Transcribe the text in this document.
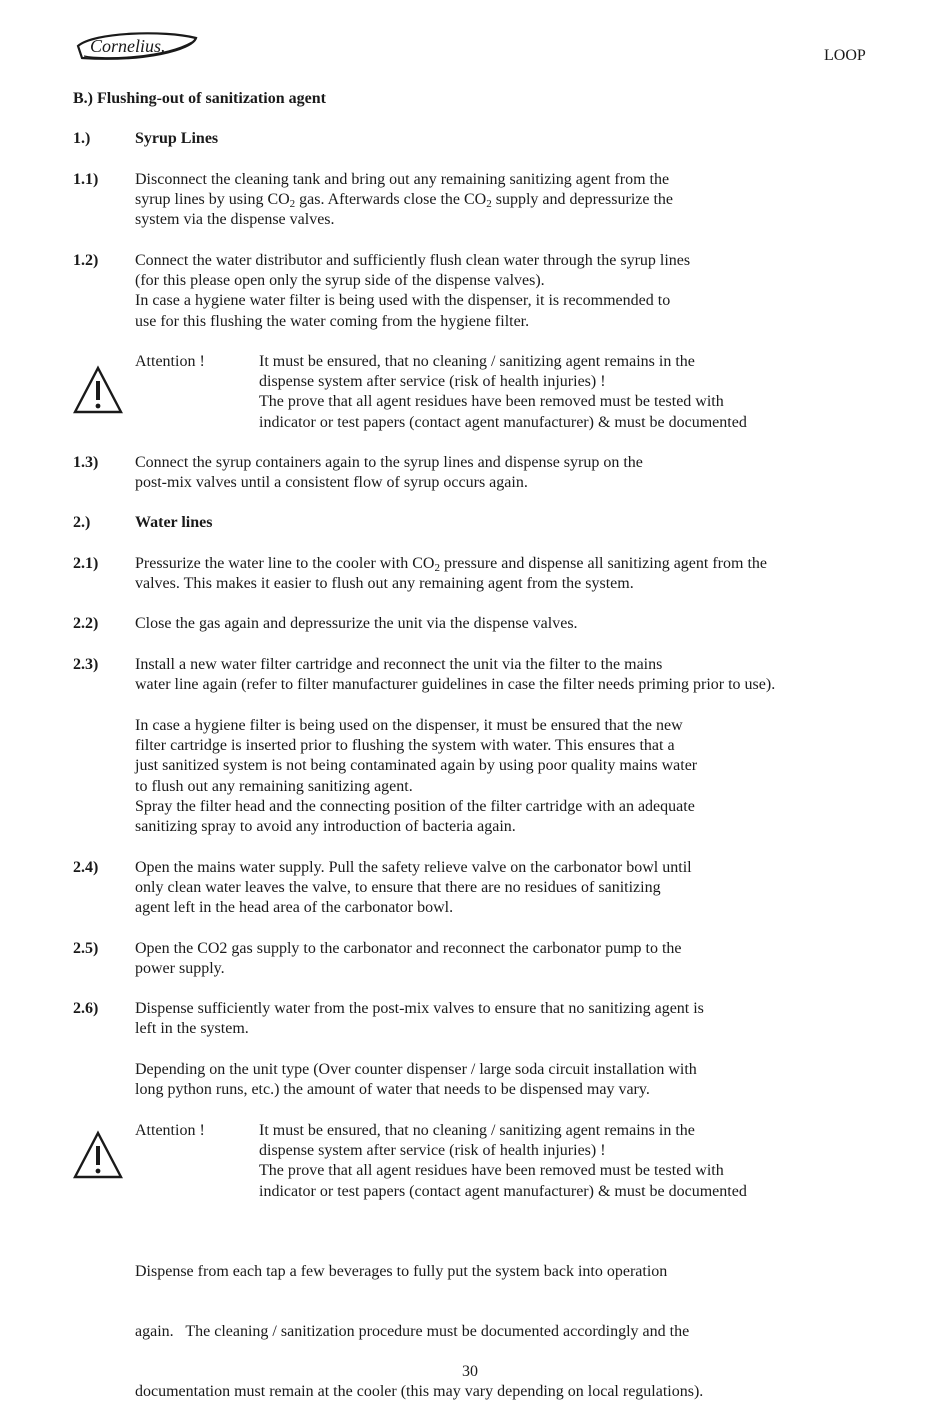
Cornelius.	LOOP
B.) Flushing-out of sanitization agent
1.)	Syrup Lines
1.1) Disconnect the cleaning tank and bring out any remaining sanitizing agent from the
syrup lines by using $CO_2$ gas. Afterwards close the $CO_2$ supply and depressurize the
system via the dispense valves.
1.2) Connect the water distributor and sufficiently flush clean water through the syrup lines
(for this please open only the syrup side of the dispense valves).
In case a hygiene water filter is being used with the dispenser, it is recommended to
use for this flushing the water coming from the hygiene filter.
Attention !	It must be ensured, that no cleaning / sanitizing agent remains in the
dispense system after service (risk of health injuries) !
The prove that all agent residues have been removed must be tested with
indicator or test papers (contact agent manufacturer) & must be documented
1.3) Connect the syrup containers again to the syrup lines and dispense syrup on the
post-mix valves until a consistent flow of syrup occurs again.
2.)	Water lines
2.1) Pressurize the water line to the cooler with $CO_2$ pressure and dispense all sanitizing agent from the
valves. This makes it easier to flush out any remaining agent from the system.
2.2) Close the gas again and depressurize the unit via the dispense valves.
2.3) Install a new water filter cartridge and reconnect the unit via the filter to the mains
water line again (refer to filter manufacturer guidelines in case the filter needs priming prior to use).
In case a hygiene filter is being used on the dispenser, it must be ensured that the new
filter cartridge is inserted prior to flushing the system with water. This ensures that a
just sanitized system is not being contaminated again by using poor quality mains water
to flush out any remaining sanitizing agent.
Spray the filter head and the connecting position of the filter cartridge with an adequate
sanitizing spray to avoid any introduction of bacteria again.
2.4) Open the mains water supply. Pull the safety relieve valve on the carbonator bowl until
only clean water leaves the valve, to ensure that there are no residues of sanitizing
agent left in the head area of the carbonator bowl.
2.5) Open the CO2 gas supply to the carbonator and reconnect the carbonator pump to the
power supply.
2.6) Dispense sufficiently water from the post-mix valves to ensure that no sanitizing agent is
left in the system.
Depending on the unit type (Over counter dispenser / large soda circuit installation with
long python runs, etc.) the amount of water that needs to be dispensed may vary.
Attention !	It must be ensured, that no cleaning / sanitizing agent remains in the
dispense system after service (risk of health injuries) !
The prove that all agent residues have been removed must be tested with
indicator or test papers (contact agent manufacturer) & must be documented

Dispense from each tap a few beverages to fully put the system back into operation

again.   The cleaning / sanitization procedure must be documented accordingly and the

documentation must remain at the cooler (this may vary depending on local regulations).

30
